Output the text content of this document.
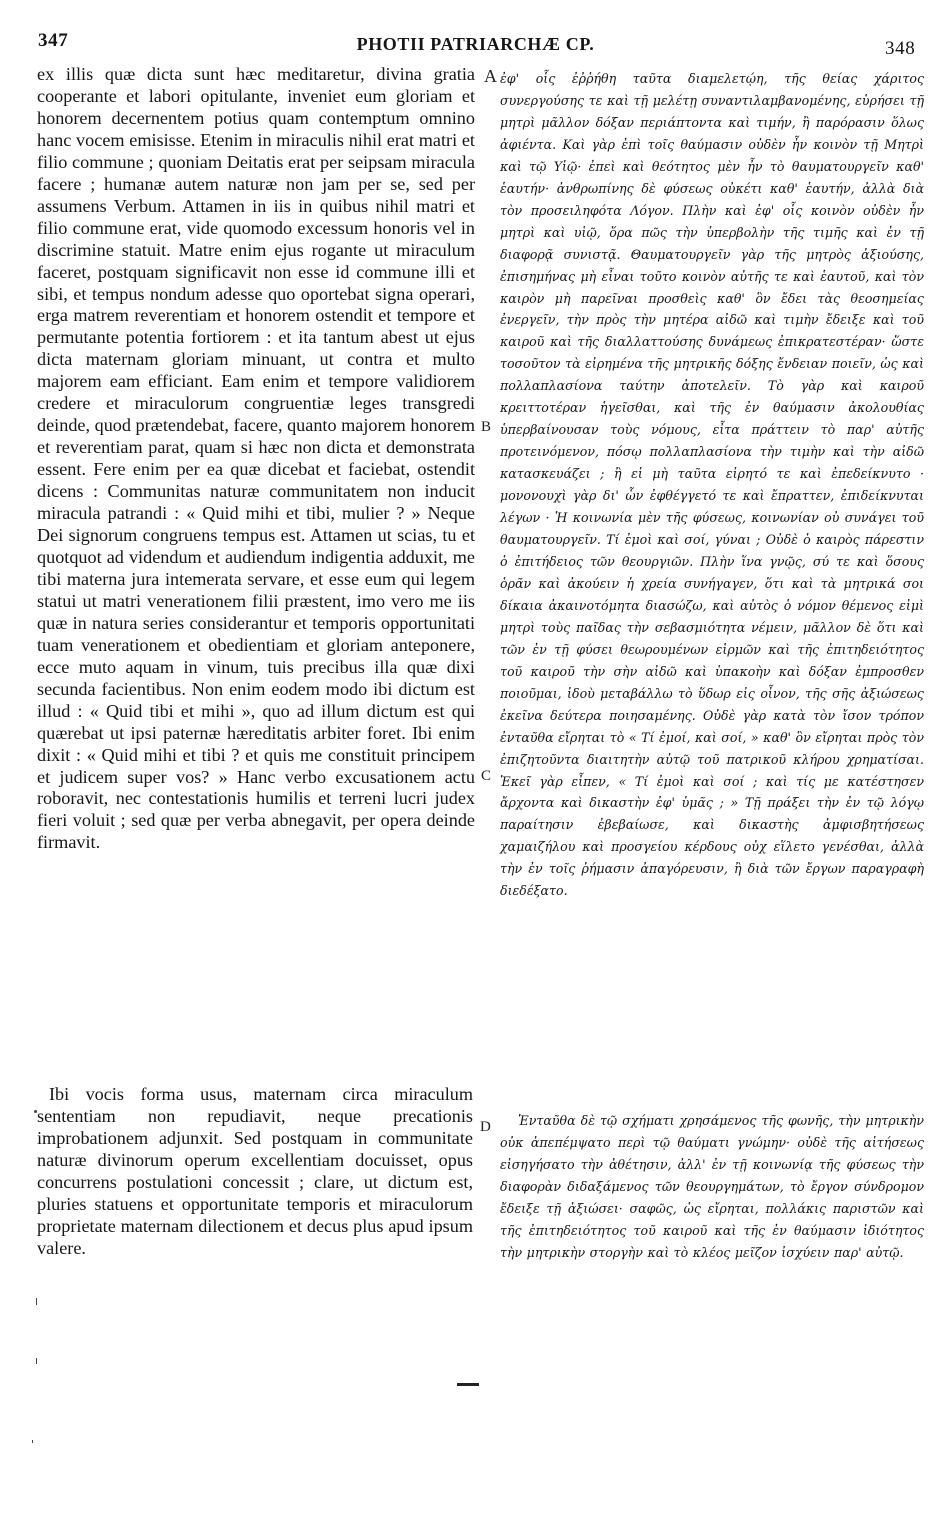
347	PHOTII PATRIARCHÆ CP.	348
ex illis quæ dicta sunt hæc meditaretur, divina gratia cooperante et labori opitulante, inveniet eum gloriam et honorem decernentem potius quam contemptum omnino hanc vocem emisisse. Etenim in miraculis nihil erat matri et filio commune ; quoniam Deitatis erat per seipsam miracula facere ; humanæ autem naturæ non jam per se, sed per assumens Verbum. Attamen in iis in quibus nihil matri et filio commune erat, vide quomodo excessum honoris vel in discrimine statuit. Matre enim ejus rogante ut miraculum faceret, postquam significavit non esse id commune illi et sibi, et tempus nondum adesse quo oportebat signa operari, erga matrem reverentiam et honorem ostendit et tempore et permutante potentia fortiorem : et ita tantum abest ut ejus dicta maternam gloriam minuant, ut contra et multo majorem eam efficiant. Eam enim et tempore validiorem credere et miraculorum congruentiæ leges transgredi deinde, quod prætendebat, facere, quanto majorem honorem et reverentiam parat, quam si hæc non dicta et demonstrata essent. Fere enim per ea quæ dicebat et faciebat, ostendit dicens : Communitas naturæ communitatem non inducit miracula patrandi : « Quid mihi et tibi, mulier ? » Neque Dei signorum congruens tempus est. Attamen ut scias, tu et quotquot ad videndum et audiendum indigentia adduxit, me tibi materna jura intemerata servare, et esse eum qui legem statui ut matri venerationem filii præstent, imo vero me iis quæ in natura series considerantur et temporis opportunitati tuam venerationem et obedientiam et gloriam anteponere, ecce muto aquam in vinum, tuis precibus illa quæ dixi secunda facientibus. Non enim eodem modo ibi dictum est illud : « Quid tibi et mihi », quo ad illum dictum est qui quærebat ut ipsi paternæ hæreditatis arbiter foret. Ibi enim dixit : « Quid mihi et tibi ? et quis me constituit principem et judicem super vos? » Hanc verbo excusationem actu roboravit, nec contestationis humilis et terreni lucri judex fieri voluit ; sed quæ per verba abnegavit, per opera deinde firmavit.
Ibi vocis forma usus, maternam circa miraculum sententiam non repudiavit, neque precationis improbationem adjunxit. Sed postquam in communitate naturæ divinorum operum excellentiam docuisset, opus concurrens postulationi concessit ; clare, ut dictum est, pluries statuens et opportunitate temporis et miraculorum proprietate maternam dilectionem et decus plus apud ipsum valere.
A
B
C
D
ἐφ' οἷς ἐῤῥήθη ταῦτα διαμελετῴη, τῆς θείας χάριτος συνεργούσης τε καὶ τῇ μελέτῃ συναντιλαμβανομένης, εὑρήσει τῇ μητρὶ μᾶλλον δόξαν περιάπτοντα καὶ τιμήν, ἢ παρόρασιν ὅλως ἀφιέντα. Καὶ γὰρ ἐπὶ τοῖς θαύμασιν οὐδὲν ἦν κοινὸν τῇ Μητρὶ καὶ τῷ Υἱῷ· ἐπεὶ καὶ θεότητος μὲν ἦν τὸ θαυματουργεῖν καθ' ἑαυτήν· ἀνθρωπίνης δὲ φύσεως οὐκέτι καθ' ἑαυτήν, ἀλλὰ διὰ τὸν προσειληφότα Λόγον. Πλὴν καὶ ἐφ' οἷς κοινὸν οὐδὲν ἦν μητρὶ καὶ υἱῷ, ὅρα πῶς τὴν ὑπερβολὴν τῆς τιμῆς καὶ ἐν τῇ διαφορᾷ συνιστᾷ. Θαυματουργεῖν γὰρ τῆς μητρὸς ἀξιούσης, ἐπισημήνας μὴ εἶναι τοῦτο κοινὸν αὐτῆς τε καὶ ἑαυτοῦ, καὶ τὸν καιρὸν μὴ παρεῖναι προσθεὶς καθ' ὃν ἔδει τὰς θεοσημείας ἐνεργεῖν, τὴν πρὸς τὴν μητέρα αἰδῶ καὶ τιμὴν ἔδειξε καὶ τοῦ καιροῦ καὶ τῆς διαλλαττούσης δυνάμεως ἐπικρατεστέραν· ὥστε τοσοῦτον τὰ εἰρημένα τῆς μητρικῆς δόξης ἔνδειαν ποιεῖν, ὡς καὶ πολλαπλασίονα ταύτην ἀποτελεῖν. Τὸ γὰρ καὶ καιροῦ κρειττοτέραν ἡγεῖσθαι, καὶ τῆς ἐν θαύμασιν ἀκολουθίας ὑπερβαίνουσαν τοὺς νόμους, εἶτα πράττειν τὸ παρ' αὐτῆς προτεινόμενον, πόσῳ πολλαπλασίονα τὴν τιμὴν καὶ τὴν αἰδῶ κατασκευάζει ; ἢ εἰ μὴ ταῦτα εἰρητό τε καὶ ἐπεδείκνυτο · μονονουχὶ γὰρ δι' ὧν ἐφθέγγετό τε καὶ ἔπραττεν, ἐπιδείκνυται λέγων · Ἡ κοινωνία μὲν τῆς φύσεως, κοινωνίαν οὐ συνάγει τοῦ θαυματουργεῖν. Τί ἐμοὶ καὶ σοί, γύναι ; Οὐδὲ ὁ καιρὸς πάρεστιν ὁ ἐπιτήδειος τῶν θεουργιῶν. Πλὴν ἵνα γνῷς, σύ τε καὶ ὅσους ὁρᾶν καὶ ἀκούειν ἡ χρεία συνήγαγεν, ὅτι καὶ τὰ μητρικά σοι δίκαια ἀκαινοτόμητα διασώζω, καὶ αὐτὸς ὁ νόμον θέμενος εἰμὶ μητρὶ τοὺς παῖδας τὴν σεβασμιότητα νέμειν, μᾶλλον δὲ ὅτι καὶ τῶν ἐν τῇ φύσει θεωρουμένων εἱρμῶν καὶ τῆς ἐπιτηδειότητος τοῦ καιροῦ τὴν σὴν αἰδῶ καὶ ὑπακοὴν καὶ δόξαν ἐμπροσθεν ποιοῦμαι, ἰδοὺ μεταβάλλω τὸ ὕδωρ εἰς οἶνον, τῆς σῆς ἀξιώσεως ἐκεῖνα δεύτερα ποιησαμένης. Οὐδὲ γὰρ κατὰ τὸν ἴσον τρόπον ἐνταῦθα εἴρηται τὸ « Τί ἐμοί, καὶ σοί, » καθ' ὃν εἴρηται πρὸς τὸν ἐπιζητοῦντα διαιτητὴν αὐτῷ τοῦ πατρικοῦ κλήρου χρηματίσαι. Ἐκεῖ γὰρ εἶπεν, « Τί ἐμοὶ καὶ σοί ; καὶ τίς με κατέστησεν ἄρχοντα καὶ δικαστὴν ἐφ' ὑμᾶς ; » Τῇ πράξει τὴν ἐν τῷ λόγῳ παραίτησιν ἐβεβαίωσε, καὶ δικαστὴς ἀμφισβητήσεως χαμαιζήλου καὶ προσγείου κέρδους οὐχ εἵλετο γενέσθαι, ἀλλὰ τὴν ἐν τοῖς ῥήμασιν ἀπαγόρευσιν, ἢ διὰ τῶν ἔργων παραγραφὴ διεδέξατο.
Ἐνταῦθα δὲ τῷ σχήματι χρησάμενος τῆς φωνῆς, τὴν μητρικὴν οὐκ ἀπεπέμψατο περὶ τῷ θαύματι γνώμην· οὐδὲ τῆς αἰτήσεως εἰσηγήσατο τὴν ἀθέτησιν, ἀλλ' ἐν τῇ κοινωνίᾳ τῆς φύσεως τὴν διαφορὰν διδαξάμενος τῶν θεουργημάτων, τὸ ἔργον σύνδρομον ἔδειξε τῇ ἀξιώσει· σαφῶς, ὡς εἴρηται, πολλάκις παριστῶν καὶ τῆς ἐπιτηδειότητος τοῦ καιροῦ καὶ τῆς ἐν θαύμασιν ἰδιότητος τὴν μητρικὴν στοργὴν καὶ τὸ κλέος μεῖζον ἰσχύειν παρ' αὐτῷ.
